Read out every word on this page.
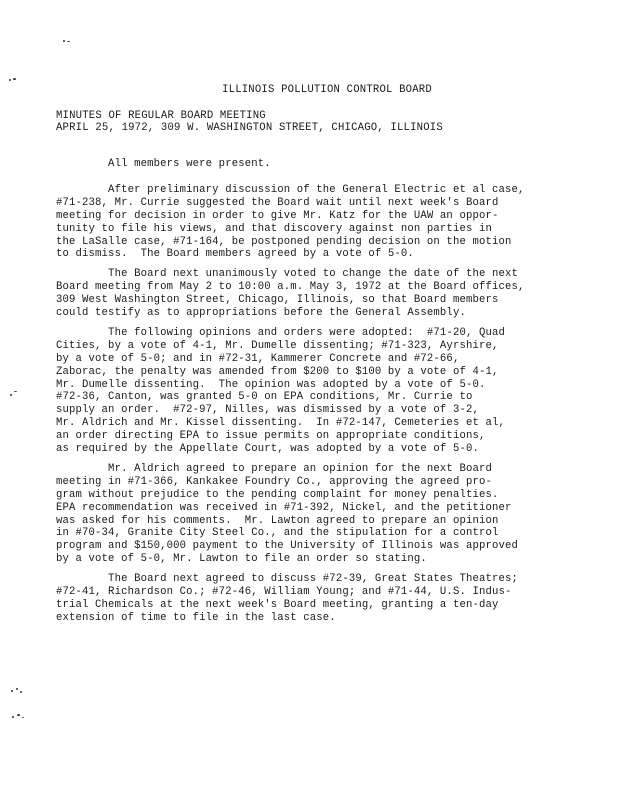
ILLINOIS POLLUTION CONTROL BOARD
MINUTES OF REGULAR BOARD MEETING
APRIL 25, 1972, 309 W. WASHINGTON STREET, CHICAGO, ILLINOIS
All members were present.
After preliminary discussion of the General Electric et al case,
#71-238, Mr. Currie suggested the Board wait until next week's Board
meeting for decision in order to give Mr. Katz for the UAW an oppor-
tunity to file his views, and that discovery against non parties in
the LaSalle case, #71-164, be postponed pending decision on the motion
to dismiss.  The Board members agreed by a vote of 5-0.
The Board next unanimously voted to change the date of the next
Board meeting from May 2 to 10:00 a.m. May 3, 1972 at the Board offices,
309 West Washington Street, Chicago, Illinois, so that Board members
could testify as to appropriations before the General Assembly.
The following opinions and orders were adopted:  #71-20, Quad
Cities, by a vote of 4-1, Mr. Dumelle dissenting; #71-323, Ayrshire,
by a vote of 5-0; and in #72-31, Kammerer Concrete and #72-66,
Zaborac, the penalty was amended from $200 to $100 by a vote of 4-1,
Mr. Dumelle dissenting.  The opinion was adopted by a vote of 5-0.
#72-36, Canton, was granted 5-0 on EPA conditions, Mr. Currie to
supply an order.  #72-97, Nilles, was dismissed by a vote of 3-2,
Mr. Aldrich and Mr. Kissel dissenting.  In #72-147, Cemeteries et al,
an order directing EPA to issue permits on appropriate conditions,
as required by the Appellate Court, was adopted by a vote of 5-0.
Mr. Aldrich agreed to prepare an opinion for the next Board
meeting in #71-366, Kankakee Foundry Co., approving the agreed pro-
gram without prejudice to the pending complaint for money penalties.
EPA recommendation was received in #71-392, Nickel, and the petitioner
was asked for his comments.  Mr. Lawton agreed to prepare an opinion
in #70-34, Granite City Steel Co., and the stipulation for a control
program and $150,000 payment to the University of Illinois was approved
by a vote of 5-0, Mr. Lawton to file an order so stating.
The Board next agreed to discuss #72-39, Great States Theatres;
#72-41, Richardson Co.; #72-46, William Young; and #71-44, U.S. Indus-
trial Chemicals at the next week's Board meeting, granting a ten-day
extension of time to file in the last case.
